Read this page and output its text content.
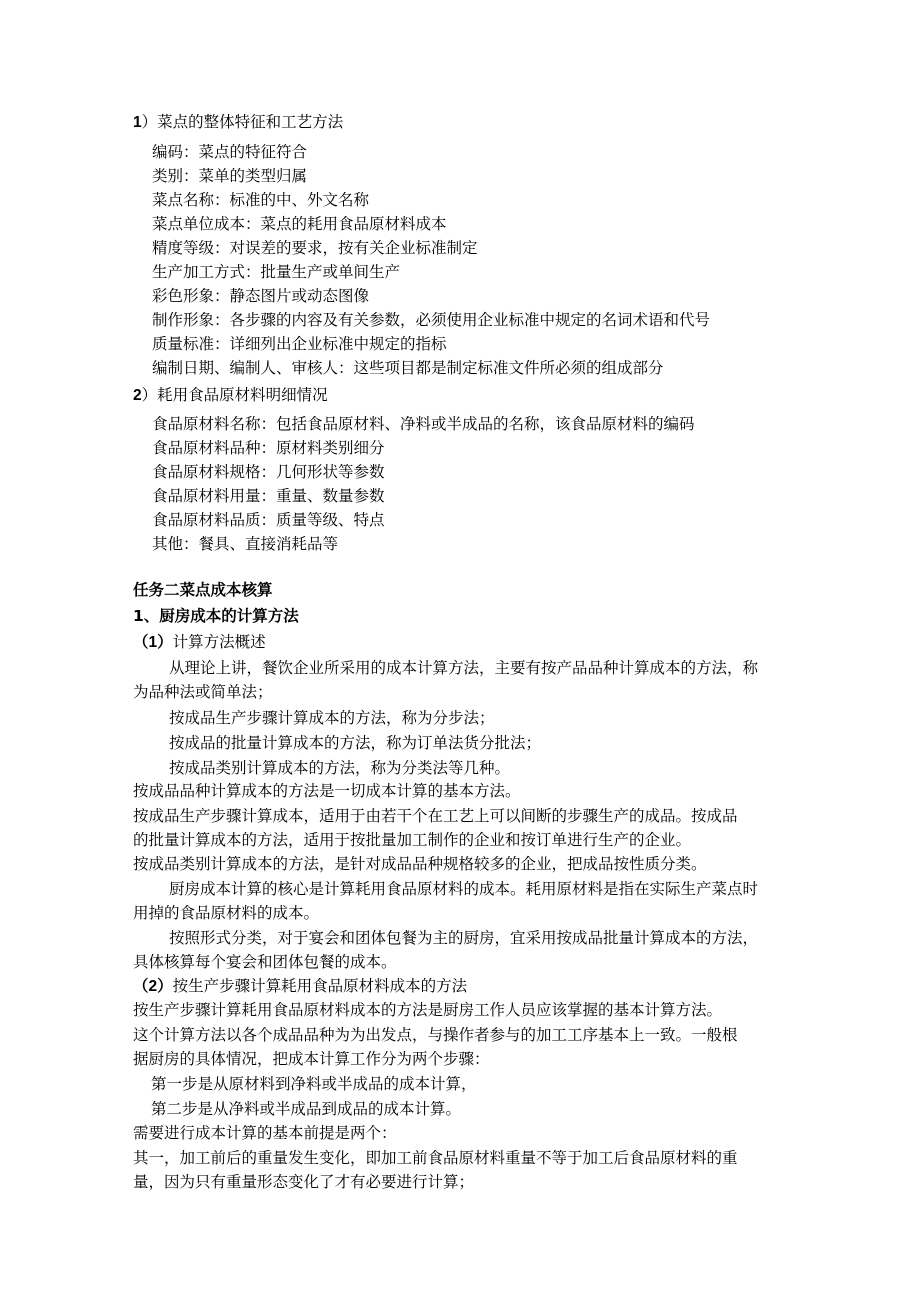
1）菜点的整体特征和工艺方法
编码：菜点的特征符合
类别：菜单的类型归属
菜点名称：标准的中、外文名称
菜点单位成本：菜点的耗用食品原材料成本
精度等级：对误差的要求，按有关企业标准制定
生产加工方式：批量生产或单间生产
彩色形象：静态图片或动态图像
制作形象：各步骤的内容及有关参数，必须使用企业标准中规定的名词术语和代号
质量标准：详细列出企业标准中规定的指标
编制日期、编制人、审核人：这些项目都是制定标准文件所必须的组成部分
2）耗用食品原材料明细情况
食品原材料名称：包括食品原材料、净料或半成品的名称，该食品原材料的编码
食品原材料品种：原材料类别细分
食品原材料规格：几何形状等参数
食品原材料用量：重量、数量参数
食品原材料品质：质量等级、特点
其他：餐具、直接消耗品等
任务二菜点成本核算
1、厨房成本的计算方法
（1）计算方法概述
从理论上讲，餐饮企业所采用的成本计算方法，主要有按产品品种计算成本的方法，称
为品种法或简单法；
按成品生产步骤计算成本的方法，称为分步法；
按成品的批量计算成本的方法，称为订单法货分批法；
按成品类别计算成本的方法，称为分类法等几种。
按成品品种计算成本的方法是一切成本计算的基本方法。
按成品生产步骤计算成本，适用于由若干个在工艺上可以间断的步骤生产的成品。按成品
的批量计算成本的方法，适用于按批量加工制作的企业和按订单进行生产的企业。
按成品类别计算成本的方法，是针对成品品种规格较多的企业，把成品按性质分类。
厨房成本计算的核心是计算耗用食品原材料的成本。耗用原材料是指在实际生产菜点时
用掉的食品原材料的成本。
按照形式分类，对于宴会和团体包餐为主的厨房，宜采用按成品批量计算成本的方法，
具体核算每个宴会和团体包餐的成本。
（2）按生产步骤计算耗用食品原材料成本的方法
按生产步骤计算耗用食品原材料成本的方法是厨房工作人员应该掌握的基本计算方法。
这个计算方法以各个成品品种为为出发点，与操作者参与的加工工序基本上一致。一般根
据厨房的具体情况，把成本计算工作分为两个步骤：
第一步是从原材料到净料或半成品的成本计算，
第二步是从净料或半成品到成品的成本计算。
需要进行成本计算的基本前提是两个：
其一，加工前后的重量发生变化，即加工前食品原材料重量不等于加工后食品原材料的重
量，因为只有重量形态变化了才有必要进行计算；
